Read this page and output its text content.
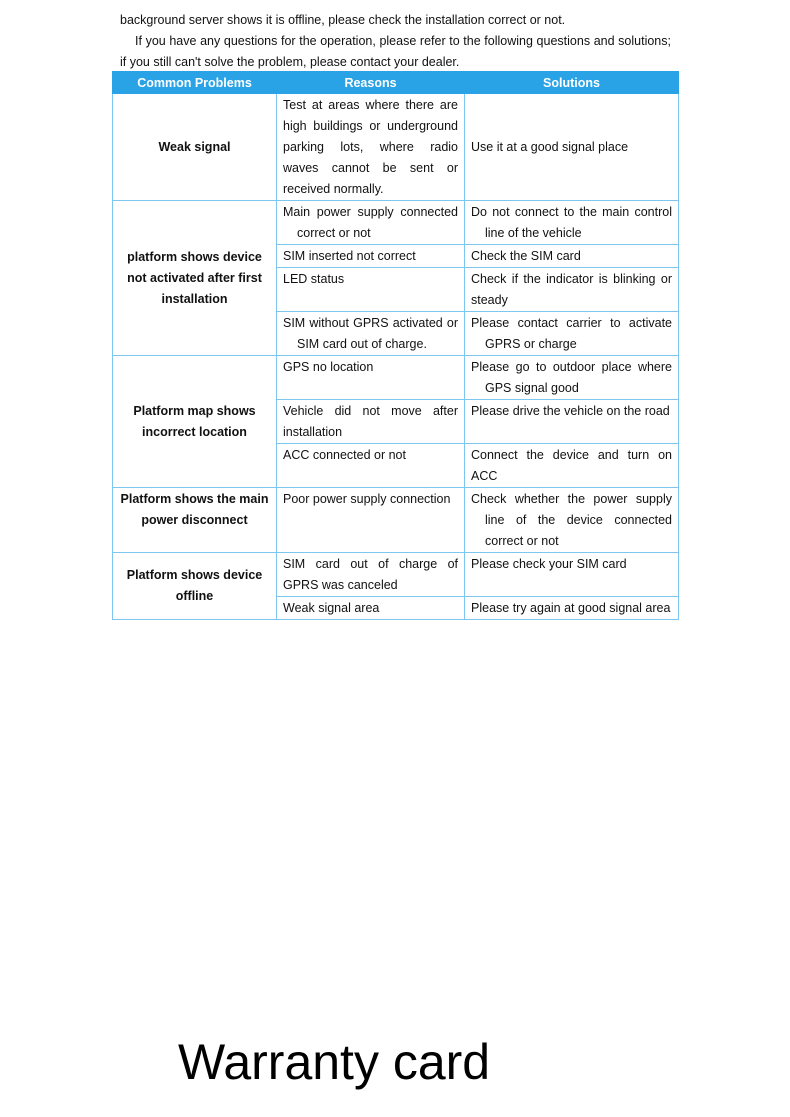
background server shows it is offline, please check the installation correct or not.
If you have any questions for the operation, please refer to the following questions and solutions; if you still can't solve the problem, please contact your dealer.
Common Problems	Reasons	Solutions
Weak signal	Test at areas where there are high buildings or underground parking lots, where radio waves cannot be sent or received normally.	Use it at a good signal place
platform shows device not activated after first installation	Main power supply connected correct or not	Do not connect to the main control line of the vehicle
	SIM inserted not correct	Check the SIM card
	LED status	Check if the indicator is blinking or steady
	SIM without GPRS activated or SIM card out of charge.	Please contact carrier to activate GPRS or charge
Platform map shows incorrect location	GPS no location	Please go to outdoor place where GPS signal good
	Vehicle did not move after installation	Please drive the vehicle on the road
	ACC connected or not	Connect the device and turn on ACC
Platform shows the main power disconnect	Poor power supply connection	Check whether the power supply line of the device connected correct or not
Platform shows device offline	SIM card out of charge of GPRS was canceled	Please check your SIM card
	Weak signal area	Please try again at good signal area
Warranty card
